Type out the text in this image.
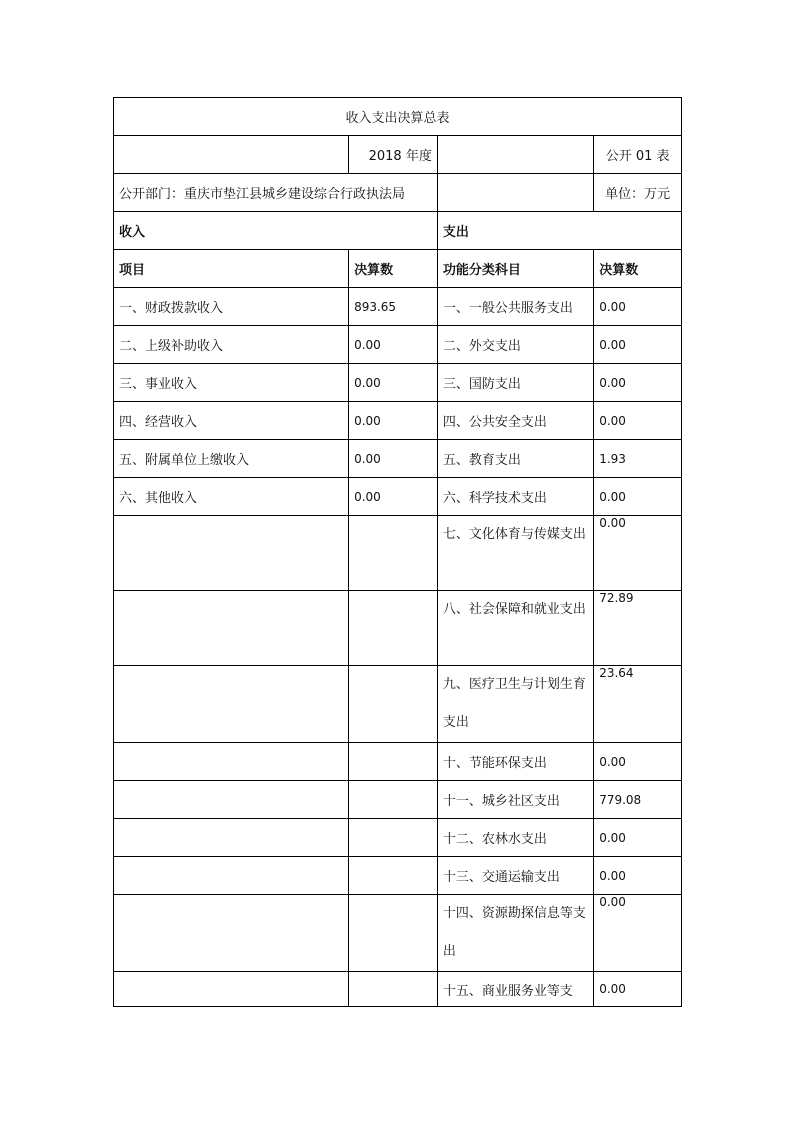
收入支出决算总表			
	2018 年度		公开 01 表
公开部门：重庆市垫江县城乡建设综合行政执法局			单位：万元
收入		支出	
项目	决算数	功能分类科目	决算数
一、财政拨款收入	893.65	一、一般公共服务支出	0.00
二、上级补助收入	0.00	二、外交支出	0.00
三、事业收入	0.00	三、国防支出	0.00
四、经营收入	0.00	四、公共安全支出	0.00
五、附属单位上缴收入	0.00	五、教育支出	1.93
六、其他收入	0.00	六、科学技术支出	0.00

		七、文化体育与传媒支出	0.00

		八、社会保障和就业支出	72.89

		九、医疗卫生与计划生育支出	23.64
		十、节能环保支出	0.00
		十一、城乡社区支出	779.08
		十二、农林水支出	0.00
		十三、交通运输支出	0.00

		十四、资源勘探信息等支出	0.00
		十五、商业服务业等支	0.00
